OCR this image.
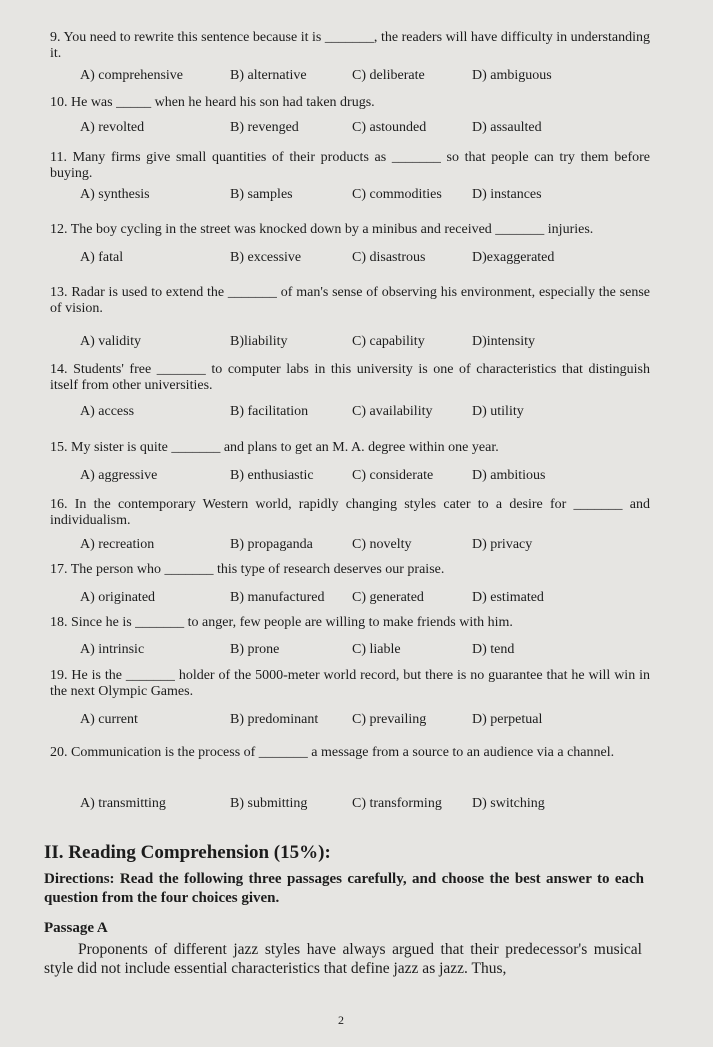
9. You need to rewrite this sentence because it is _______, the readers will have difficulty in understanding it.
A) comprehensive	B) alternative	C) deliberate	D) ambiguous
10. He was _____ when he heard his son had taken drugs.
A) revolted	B) revenged	C) astounded	D) assaulted
11. Many firms give small quantities of their products as _______ so that people can try them before buying.
A) synthesis	B) samples	C) commodities D) instances
12. The boy cycling in the street was knocked down by a minibus and received _______ injuries.
A) fatal	B) excessive	C) disastrous	D)exaggerated
13. Radar is used to extend the _______ of man's sense of observing his environment, especially the sense of vision.
A) validity	B)liability	C) capability	D)intensity
14. Students' free _______ to computer labs in this university is one of characteristics that distinguish itself from other universities.
A) access	B) facilitation	C) availability	D) utility
15. My sister is quite _______ and plans to get an M. A. degree within one year.
A) aggressive	B) enthusiastic	C) considerate	D) ambitious
16. In the contemporary Western world, rapidly changing styles cater to a desire for _______ and individualism.
A) recreation	B) propaganda	C) novelty	D) privacy
17. The person who _______ this type of research deserves our praise.
A) originated	B) manufactured C) generated	D) estimated
18. Since he is _______ to anger, few people are willing to make friends with him.
A) intrinsic	B) prone	C) liable	D) tend
19. He is the _______ holder of the 5000-meter world record, but there is no guarantee that he will win in the next Olympic Games.
A) current	B) predominant C) prevailing	D) perpetual
20. Communication is the process of _______ a message from a source to an audience via a channel.
A) transmitting	B) submitting	C) transforming D) switching
II. Reading Comprehension (15%):
Directions: Read the following three passages carefully, and choose the best answer to each question from the four choices given.
Passage A
Proponents of different jazz styles have always argued that their predecessor's musical style did not include essential characteristics that define jazz as jazz. Thus,
2
